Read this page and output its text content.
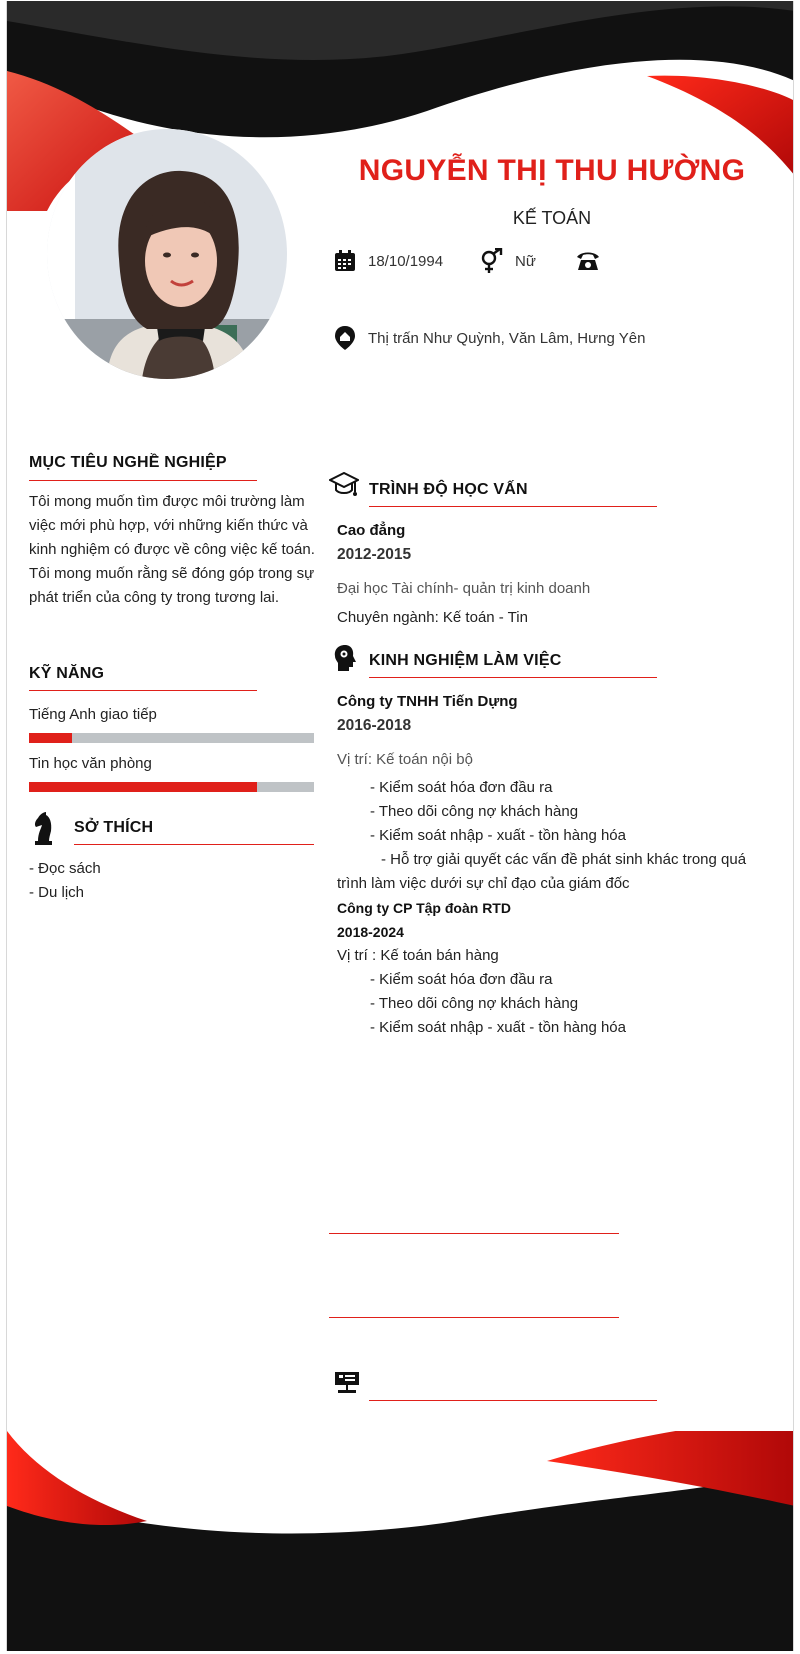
NGUYỄN THỊ THU HƯỜNG
KẾ TOÁN
18/10/1994	Nữ
Thị trấn Như Quỳnh, Văn Lâm, Hưng Yên
MỤC TIÊU NGHỀ NGHIỆP
Tôi mong muốn tìm được môi trường làm
việc mới phù hợp, với những kiến thức và
kinh nghiệm có được về công việc kế toán.
Tôi mong muốn rằng sẽ đóng góp trong sự
phát triển của công ty trong tương lai.
KỸ NĂNG
Tiếng Anh giao tiếp
Tin học văn phòng
SỞ THÍCH
- Đọc sách
- Du lịch
TRÌNH ĐỘ HỌC VẤN
Cao đẳng
2012-2015
Đại học Tài chính- quản trị kinh doanh
Chuyên ngành: Kế toán - Tin
KINH NGHIỆM LÀM VIỆC
Công ty TNHH Tiến Dựng
2016-2018
Vị trí: Kế toán nội bộ
- Kiểm soát hóa đơn đầu ra
- Theo dõi công nợ khách hàng
- Kiểm soát nhập - xuất - tồn hàng hóa
- Hỗ trợ giải quyết các vấn đề phát sinh khác trong quá
trình làm việc dưới sự chỉ đạo của giám đốc
Công ty CP Tập đoàn RTD
2018-2024
Vị trí : Kế toán bán hàng
- Kiểm soát hóa đơn đầu ra
- Theo dõi công nợ khách hàng
- Kiểm soát nhập - xuất - tồn hàng hóa
